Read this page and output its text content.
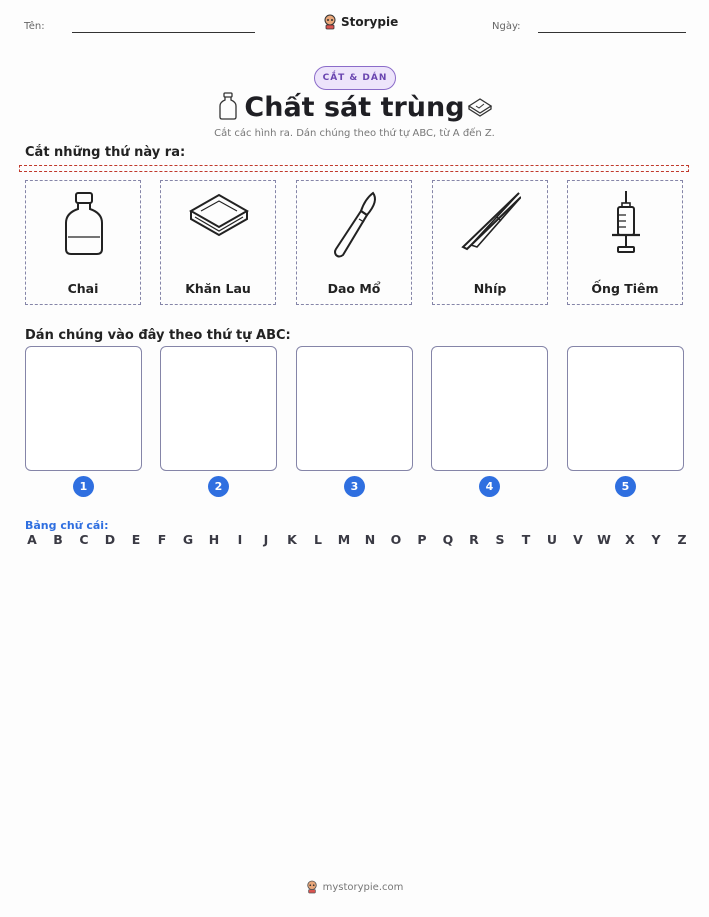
Tên:	Storypie	Ngày:
CẮT & DÁN
Chất sát trùng
Cắt các hình ra. Dán chúng theo thứ tự ABC, từ A đến Z.
Cắt những thứ này ra:
Chai	Khăn Lau	Dao Mổ	Nhíp	Ống Tiêm
Dán chúng vào đây theo thứ tự ABC:
1	2	3	4	5
Bảng chữ cái:
A B C D E F G H	I	J	K L M N O P Q R S T U V W X Y Z
mystorypie.com
